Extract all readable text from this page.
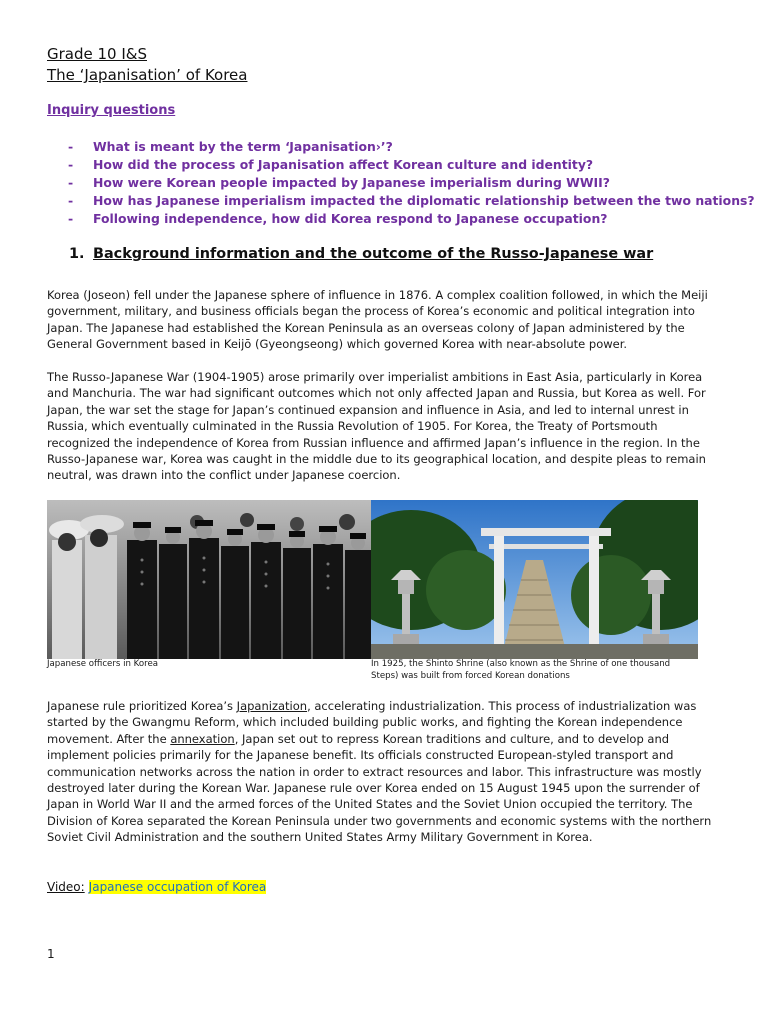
Grade 10 I&S
The ‘Japanisation’ of Korea
Inquiry questions
- What is meant by the term ‘Japanisation›’?
- How did the process of Japanisation affect Korean culture and identity?
- How were Korean people impacted by Japanese imperialism during WWII?
- How has Japanese imperialism impacted the diplomatic relationship between the two nations?
- Following independence, how did Korea respond to Japanese occupation?
1. Background information and the outcome of the Russo-Japanese war
Korea (Joseon) fell under the Japanese sphere of influence in 1876. A complex coalition followed, in which the Meiji
government, military, and business officials began the process of Korea’s economic and political integration into
Japan. The Japanese had established the Korean Peninsula as an overseas colony of Japan administered by the
General Government based in Keijō (Gyeongseong) which governed Korea with near-absolute power.
The Russo-Japanese War (1904-1905) arose primarily over imperialist ambitions in East Asia, particularly in Korea
and Manchuria. The war had significant outcomes which not only affected Japan and Russia, but Korea as well. For
Japan, the war set the stage for Japan’s continued expansion and influence in Asia, and led to internal unrest in
Russia, which eventually culminated in the Russia Revolution of 1905. For Korea, the Treaty of Portsmouth
recognized the independence of Korea from Russian influence and affirmed Japan’s influence in the region. In the
Russo-Japanese war, Korea was caught in the middle due to its geographical location, and despite pleas to remain
neutral, was drawn into the conflict under Japanese coercion.
Japanese officers in Korea	In 1925, the Shinto Shrine (also known as the Shrine of one thousand
Steps) was built from forced Korean donations
Japanese rule prioritized Korea’s Japanization, accelerating industrialization. This process of industrialization was
started by the Gwangmu Reform, which included building public works, and fighting the Korean independence
movement. After the annexation, Japan set out to repress Korean traditions and culture, and to develop and
implement policies primarily for the Japanese benefit. Its officials constructed European-styled transport and
communication networks across the nation in order to extract resources and labor. This infrastructure was mostly
destroyed later during the Korean War. Japanese rule over Korea ended on 15 August 1945 upon the surrender of
Japan in World War II and the armed forces of the United States and the Soviet Union occupied the territory. The
Division of Korea separated the Korean Peninsula under two governments and economic systems with the northern
Soviet Civil Administration and the southern United States Army Military Government in Korea.
Video: Japanese occupation of Korea
1
